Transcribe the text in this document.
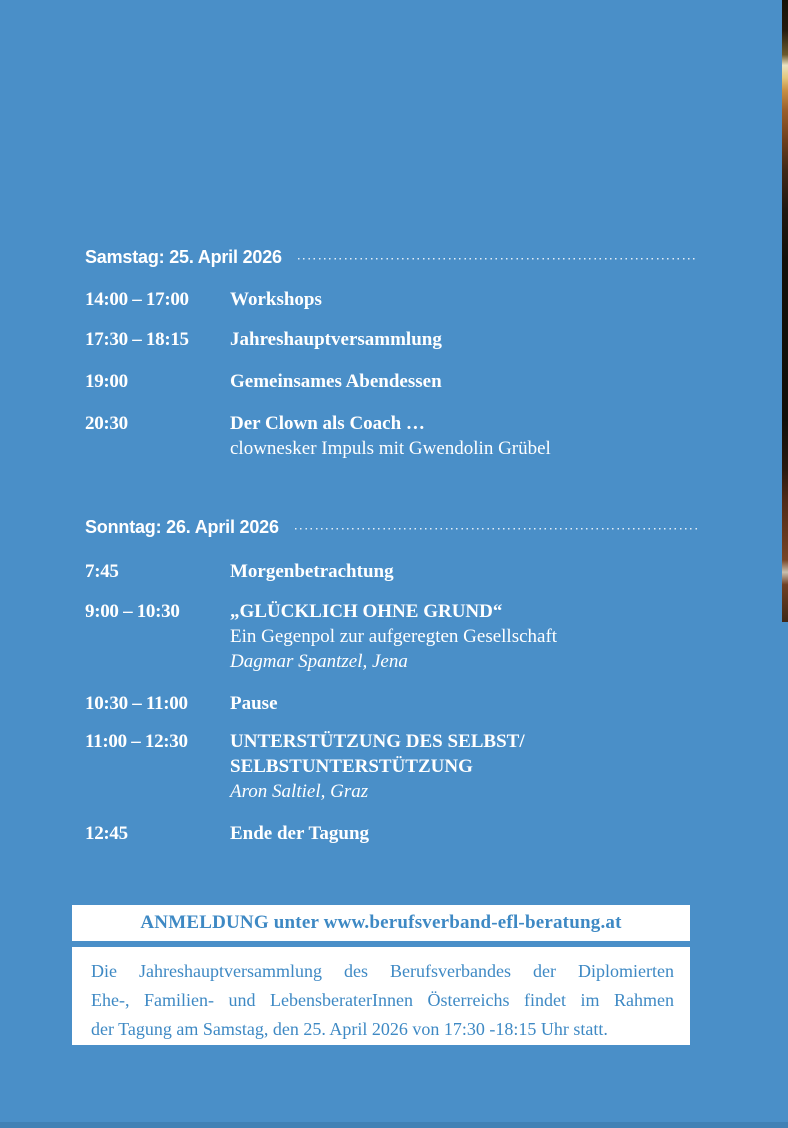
Samstag: 25. April 2026
14:00 – 17:00	Workshops
17:30 – 18:15	Jahreshauptversammlung
19:00	Gemeinsames Abendessen
20:30	Der Clown als Coach …
clownesker Impuls mit Gwendolin Grübel
Sonntag: 26. April 2026
7:45	Morgenbetrachtung
9:00 – 10:30	„GLÜCKLICH OHNE GRUND“
Ein Gegenpol zur aufgeregten Gesellschaft
Dagmar Spantzel, Jena
10:30 – 11:00	Pause
11:00 – 12:30	UNTERSTÜTZUNG DES SELBST/
SELBSTUNTERSTÜTZUNG
Aron Saltiel, Graz
12:45	Ende der Tagung
ANMELDUNG unter www.berufsverband-efl-beratung.at
Die Jahreshauptversammlung des Berufsverbandes der Diplomierten
Ehe-, Familien- und LebensberaterInnen Österreichs findet im Rahmen
der Tagung am Samstag, den 25. April 2026 von 17:30 -18:15 Uhr statt.
